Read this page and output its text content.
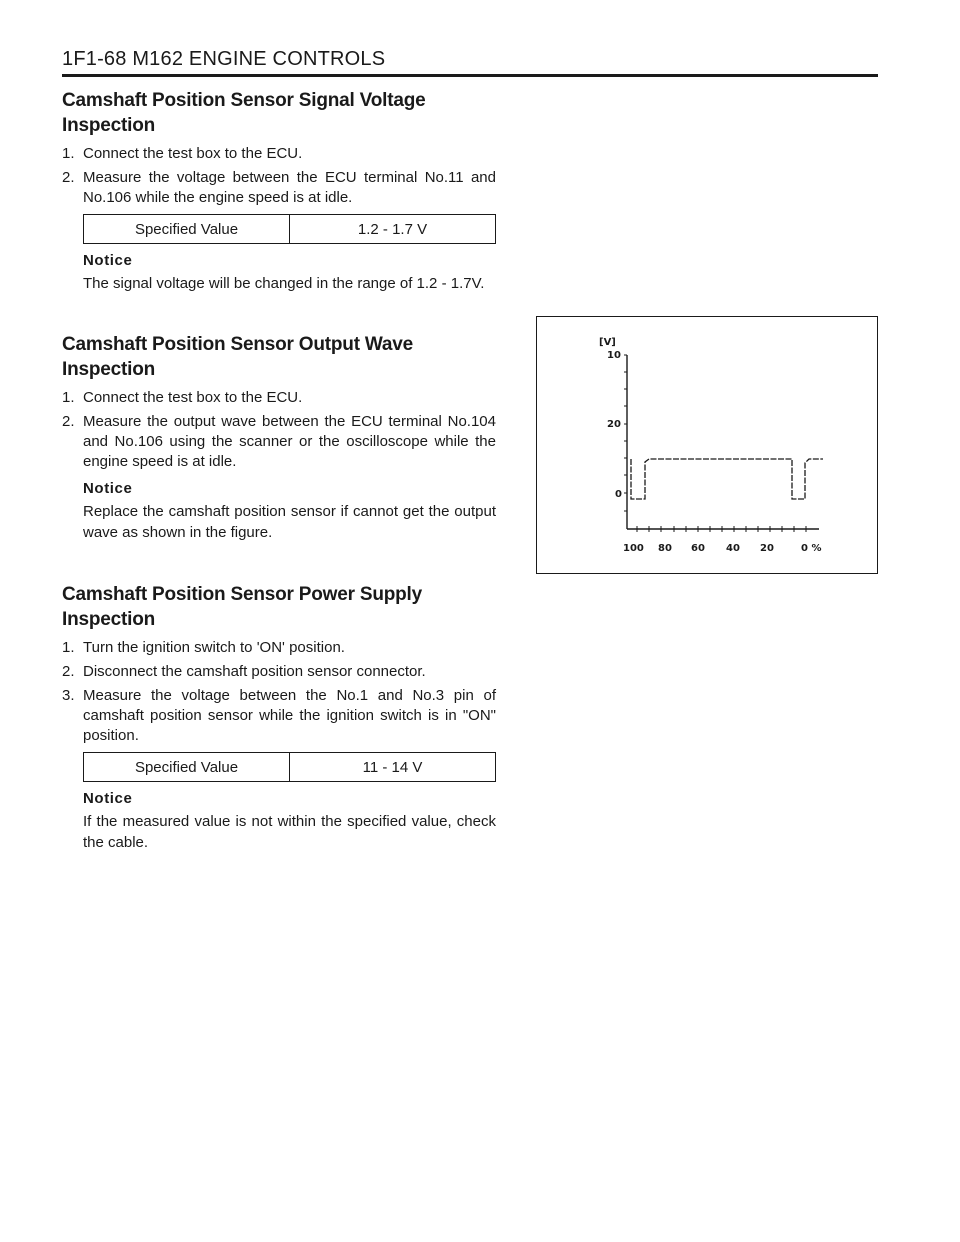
1F1-68 M162 ENGINE CONTROLS
Camshaft Position Sensor Signal Voltage
Inspection
1. Connect the test box to the ECU.
2. Measure the voltage between the ECU terminal No.11 and No.106 while the engine speed is at idle.
Specified Value	1.2 - 1.7 V
Notice
The signal voltage will be changed in the range of 1.2 - 1.7V.
Camshaft Position Sensor Output Wave
Inspection
1. Connect the test box to the ECU.
2. Measure the output wave between the ECU terminal No.104 and No.106 using the scanner or the oscilloscope while the engine speed is at idle.
Notice
Replace the camshaft position sensor if cannot get the output wave as shown in the figure.
Camshaft Position Sensor Power Supply
Inspection
1. Turn the ignition switch to 'ON' position.
2. Disconnect the camshaft position sensor connector.
3. Measure the voltage between the No.1 and No.3 pin of camshaft position sensor while the ignition switch is in "ON" position.
Specified Value	11 - 14 V
Notice
If the measured value is not within the specified value, check the cable.
[V]
10
20
0
100 80 60 40 20	0 %
